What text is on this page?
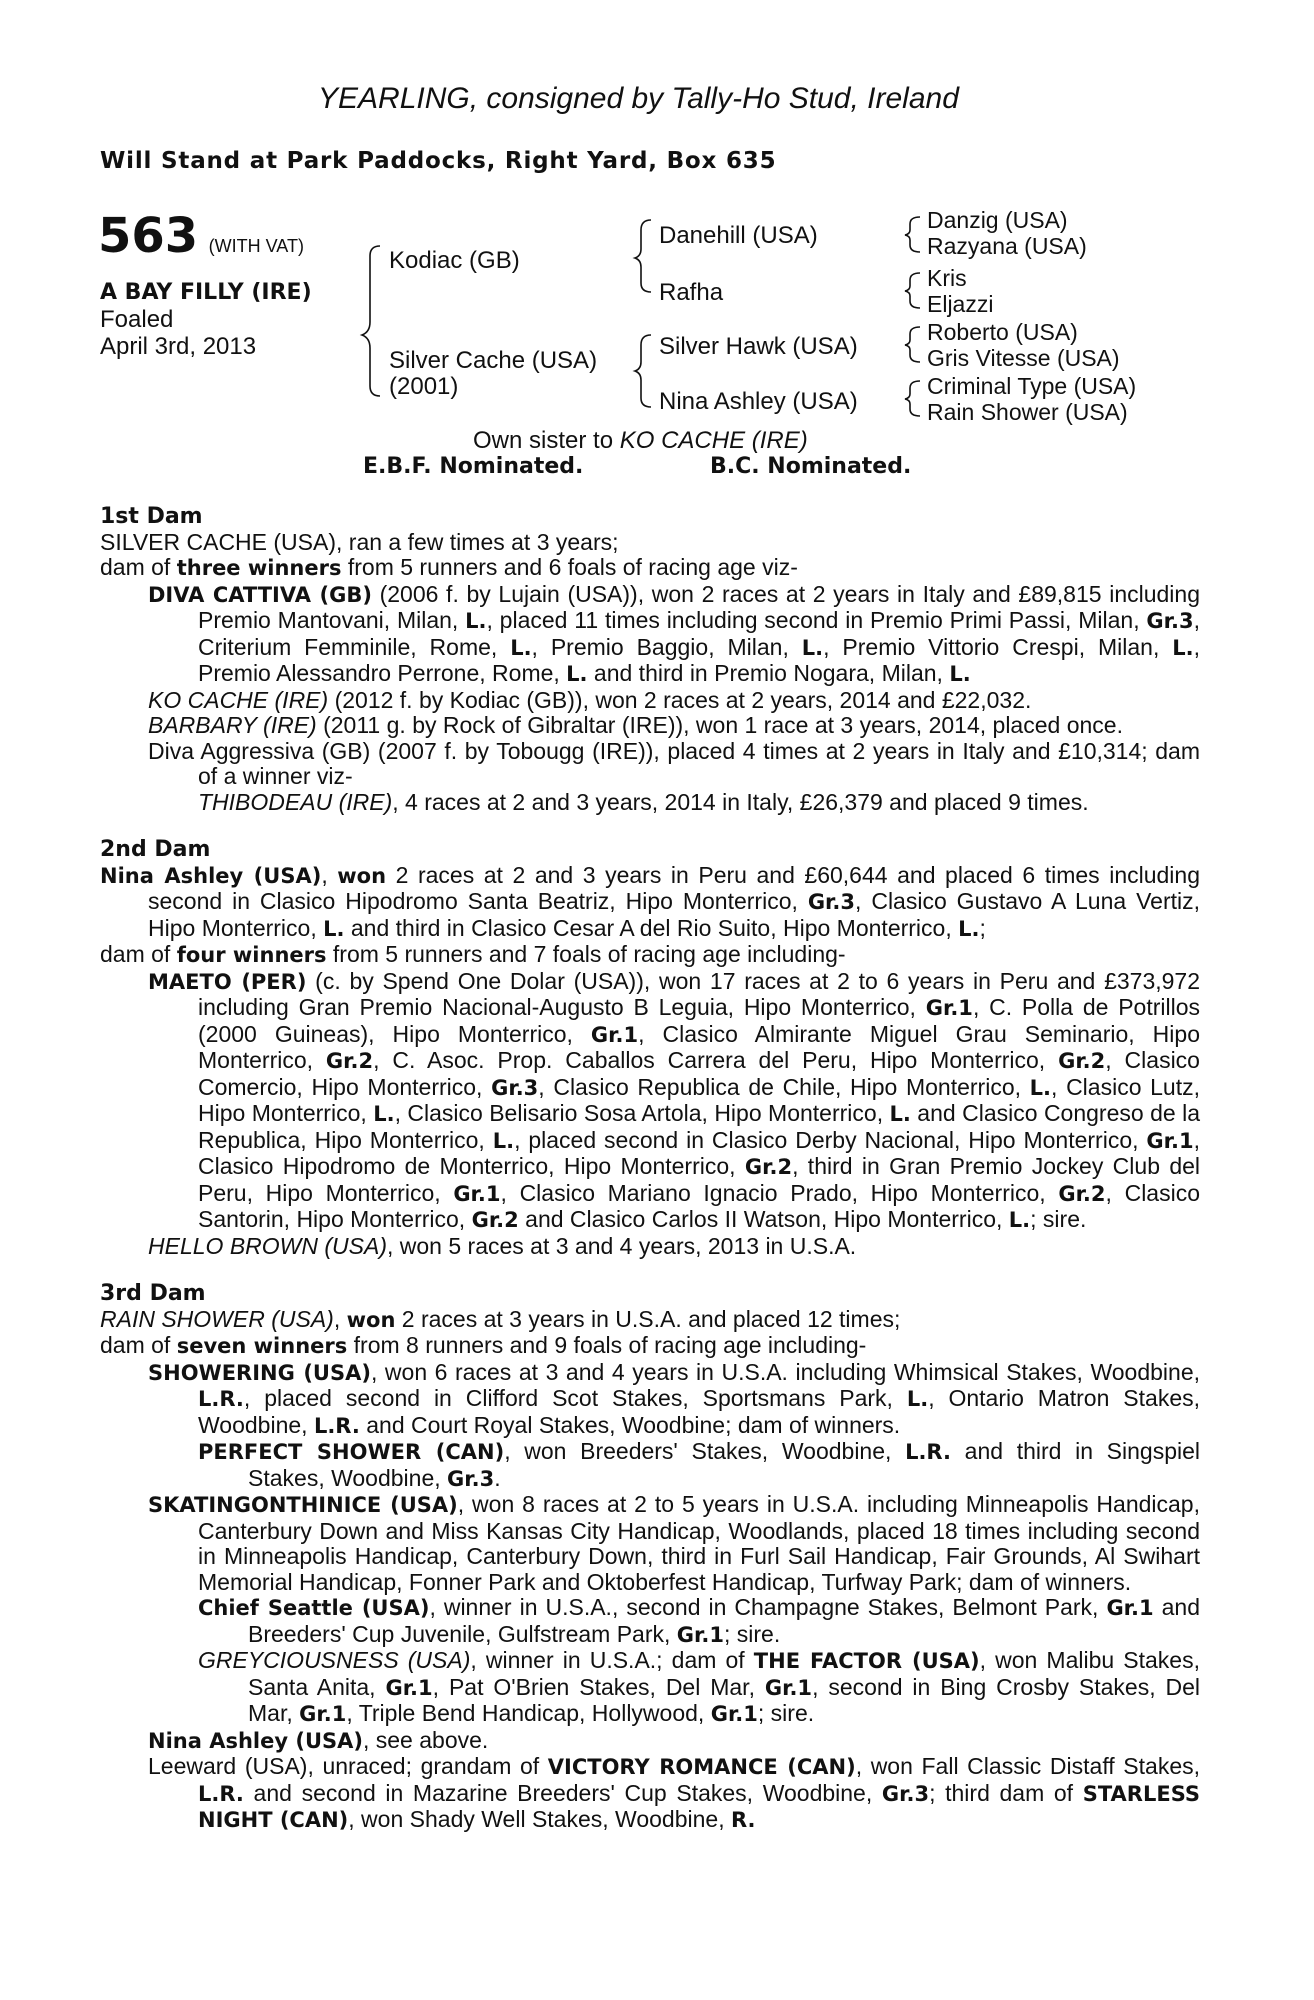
YEARLING, consigned by Tally-Ho Stud, Ireland
Will Stand at Park Paddocks, Right Yard, Box 635
563 (WITH VAT)
A BAY FILLY (IRE)
Foaled
April 3rd, 2013
Kodiac (GB)
Silver Cache (USA)
(2001)
Danehill (USA)
Rafha
Silver Hawk (USA)
Nina Ashley (USA)
Danzig (USA)
Razyana (USA)
Kris
Eljazzi
Roberto (USA)
Gris Vitesse (USA)
Criminal Type (USA)
Rain Shower (USA)
Own sister to KO CACHE (IRE)
E.B.F. Nominated.	B.C. Nominated.

1st Dam

SILVER CACHE (USA), ran a few times at 3 years;

dam of three winners from 5 runners and 6 foals of racing age viz-

DIVA CATTIVA (GB) (2006 f. by Lujain (USA)), won 2 races at 2 years in Italy and £89,815 including Premio Mantovani, Milan, L., placed 11 times including second in Premio Primi Passi, Milan, Gr.3, Criterium Femminile, Rome, L., Premio Baggio, Milan, L., Premio Vittorio Crespi, Milan, L., Premio Alessandro Perrone, Rome, L. and third in Premio Nogara, Milan, L.

KO CACHE (IRE) (2012 f. by Kodiac (GB)), won 2 races at 2 years, 2014 and £22,032.

BARBARY (IRE) (2011 g. by Rock of Gibraltar (IRE)), won 1 race at 3 years, 2014, placed once.

Diva Aggressiva (GB) (2007 f. by Tobougg (IRE)), placed 4 times at 2 years in Italy and £10,314; dam of a winner viz-

THIBODEAU (IRE), 4 races at 2 and 3 years, 2014 in Italy, £26,379 and placed 9 times.

2nd Dam

Nina Ashley (USA), won 2 races at 2 and 3 years in Peru and £60,644 and placed 6 times including second in Clasico Hipodromo Santa Beatriz, Hipo Monterrico, Gr.3, Clasico Gustavo A Luna Vertiz, Hipo Monterrico, L. and third in Clasico Cesar A del Rio Suito, Hipo Monterrico, L.;

dam of four winners from 5 runners and 7 foals of racing age including-

MAETO (PER) (c. by Spend One Dolar (USA)), won 17 races at 2 to 6 years in Peru and £373,972 including Gran Premio Nacional-Augusto B Leguia, Hipo Monterrico, Gr.1, C. Polla de Potrillos (2000 Guineas), Hipo Monterrico, Gr.1, Clasico Almirante Miguel Grau Seminario, Hipo Monterrico, Gr.2, C. Asoc. Prop. Caballos Carrera del Peru, Hipo Monterrico, Gr.2, Clasico Comercio, Hipo Monterrico, Gr.3, Clasico Republica de Chile, Hipo Monterrico, L., Clasico Lutz, Hipo Monterrico, L., Clasico Belisario Sosa Artola, Hipo Monterrico, L. and Clasico Congreso de la Republica, Hipo Monterrico, L., placed second in Clasico Derby Nacional, Hipo Monterrico, Gr.1, Clasico Hipodromo de Monterrico, Hipo Monterrico, Gr.2, third in Gran Premio Jockey Club del Peru, Hipo Monterrico, Gr.1, Clasico Mariano Ignacio Prado, Hipo Monterrico, Gr.2, Clasico Santorin, Hipo Monterrico, Gr.2 and Clasico Carlos II Watson, Hipo Monterrico, L.; sire.

HELLO BROWN (USA), won 5 races at 3 and 4 years, 2013 in U.S.A.

3rd Dam

RAIN SHOWER (USA), won 2 races at 3 years in U.S.A. and placed 12 times;

dam of seven winners from 8 runners and 9 foals of racing age including-

SHOWERING (USA), won 6 races at 3 and 4 years in U.S.A. including Whimsical Stakes, Woodbine, L.R., placed second in Clifford Scot Stakes, Sportsmans Park, L., Ontario Matron Stakes, Woodbine, L.R. and Court Royal Stakes, Woodbine; dam of winners.

PERFECT SHOWER (CAN), won Breeders' Stakes, Woodbine, L.R. and third in Singspiel Stakes, Woodbine, Gr.3.

SKATINGONTHINICE (USA), won 8 races at 2 to 5 years in U.S.A. including Minneapolis Handicap, Canterbury Down and Miss Kansas City Handicap, Woodlands, placed 18 times including second in Minneapolis Handicap, Canterbury Down, third in Furl Sail Handicap, Fair Grounds, Al Swihart Memorial Handicap, Fonner Park and Oktoberfest Handicap, Turfway Park; dam of winners.

Chief Seattle (USA), winner in U.S.A., second in Champagne Stakes, Belmont Park, Gr.1 and Breeders' Cup Juvenile, Gulfstream Park, Gr.1; sire.

GREYCIOUSNESS (USA), winner in U.S.A.; dam of THE FACTOR (USA), won Malibu Stakes, Santa Anita, Gr.1, Pat O'Brien Stakes, Del Mar, Gr.1, second in Bing Crosby Stakes, Del Mar, Gr.1, Triple Bend Handicap, Hollywood, Gr.1; sire.

Nina Ashley (USA), see above.

Leeward (USA), unraced; grandam of VICTORY ROMANCE (CAN), won Fall Classic Distaff Stakes, L.R. and second in Mazarine Breeders' Cup Stakes, Woodbine, Gr.3; third dam of STARLESS NIGHT (CAN), won Shady Well Stakes, Woodbine, R.
